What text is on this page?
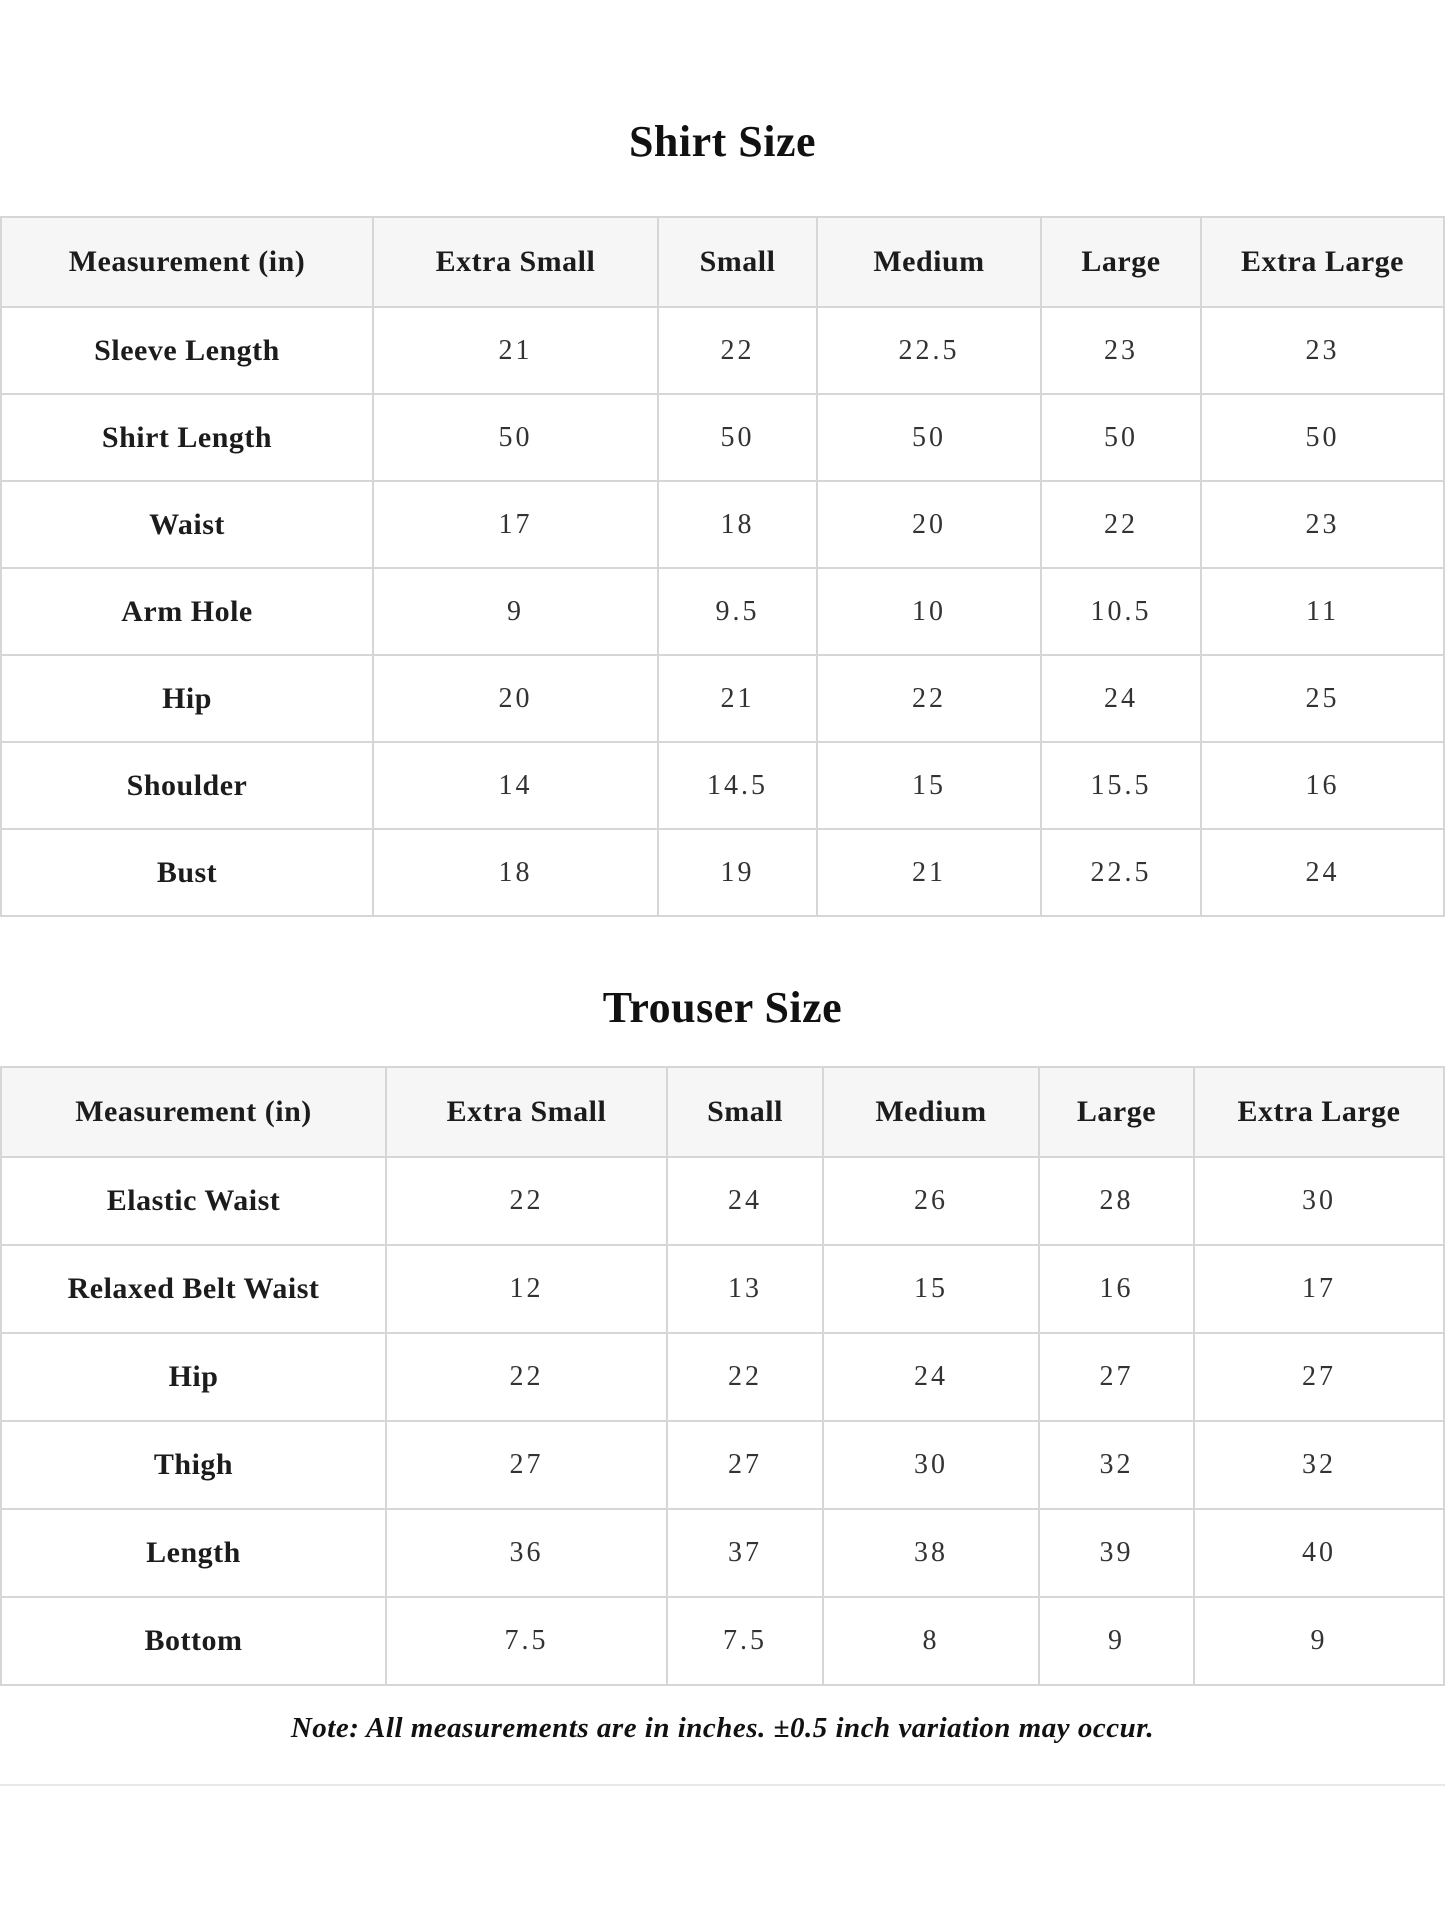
Shirt Size
Measurement (in)	Extra Small	Small	Medium	Large	Extra Large
Sleeve Length	21	22	22.5	23	23
Shirt Length	50	50	50	50	50
Waist	17	18	20	22	23
Arm Hole	9	9.5	10	10.5	11
Hip	20	21	22	24	25
Shoulder	14	14.5	15	15.5	16
Bust	18	19	21	22.5	24
Trouser Size
Measurement (in)	Extra Small	Small	Medium	Large	Extra Large
Elastic Waist	22	24	26	28	30
Relaxed Belt Waist	12	13	15	16	17
Hip	22	22	24	27	27
Thigh	27	27	30	32	32
Length	36	37	38	39	40
Bottom	7.5	7.5	8	9	9

Note: All measurements are in inches. ±0.5 inch variation may occur.
